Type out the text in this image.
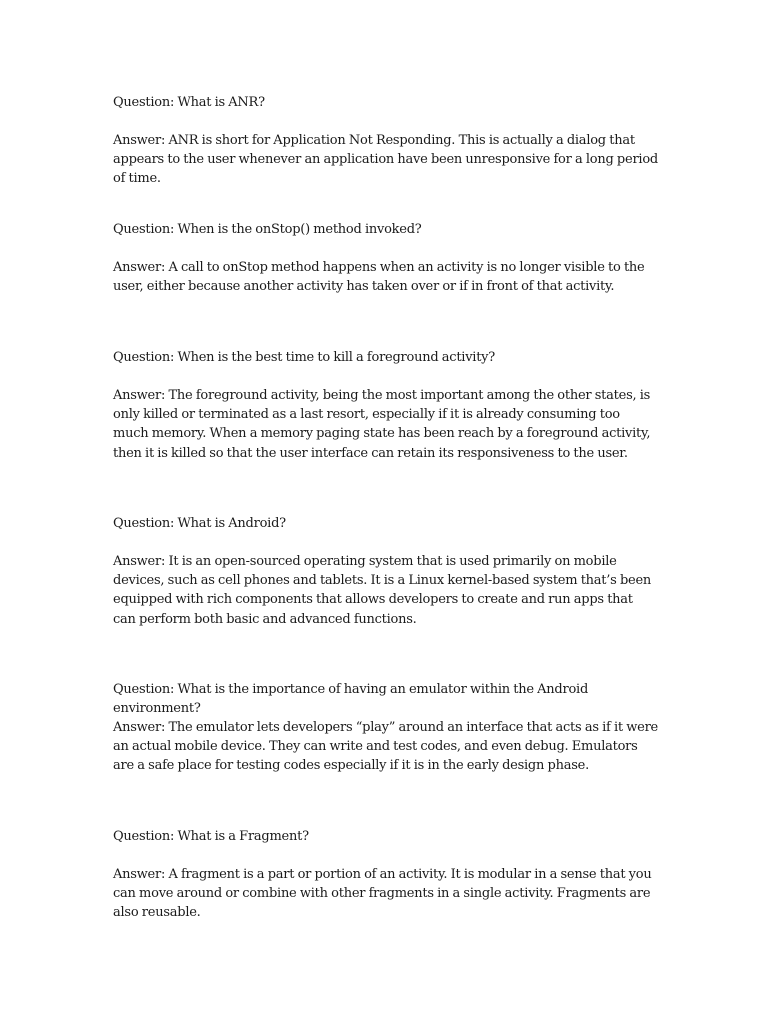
Question: What is ANR?

Answer: ANR is short for Application Not Responding. This is actually a dialog that appears to the user whenever an application have been unresponsive for a long period of time.

Question: When is the onStop() method invoked?

Answer: A call to onStop method happens when an activity is no longer visible to the user, either because another activity has taken over or if in front of that activity.

Question: When is the best time to kill a foreground activity?

Answer: The foreground activity, being the most important among the other states, is only killed or terminated as a last resort, especially if it is already consuming too much memory. When a memory paging state has been reach by a foreground activity, then it is killed so that the user interface can retain its responsiveness to the user.

Question: What is Android?

Answer: It is an open-sourced operating system that is used primarily on mobile devices, such as cell phones and tablets. It is a Linux kernel-based system that’s been equipped with rich components that allows developers to create and run apps that can perform both basic and advanced functions.

Question: What is the importance of having an emulator within the Android environment?

Answer: The emulator lets developers “play” around an interface that acts as if it were an actual mobile device. They can write and test codes, and even debug. Emulators are a safe place for testing codes especially if it is in the early design phase.

Question: What is a Fragment?

Answer: A fragment is a part or portion of an activity. It is modular in a sense that you can move around or combine with other fragments in a single activity. Fragments are also reusable.
